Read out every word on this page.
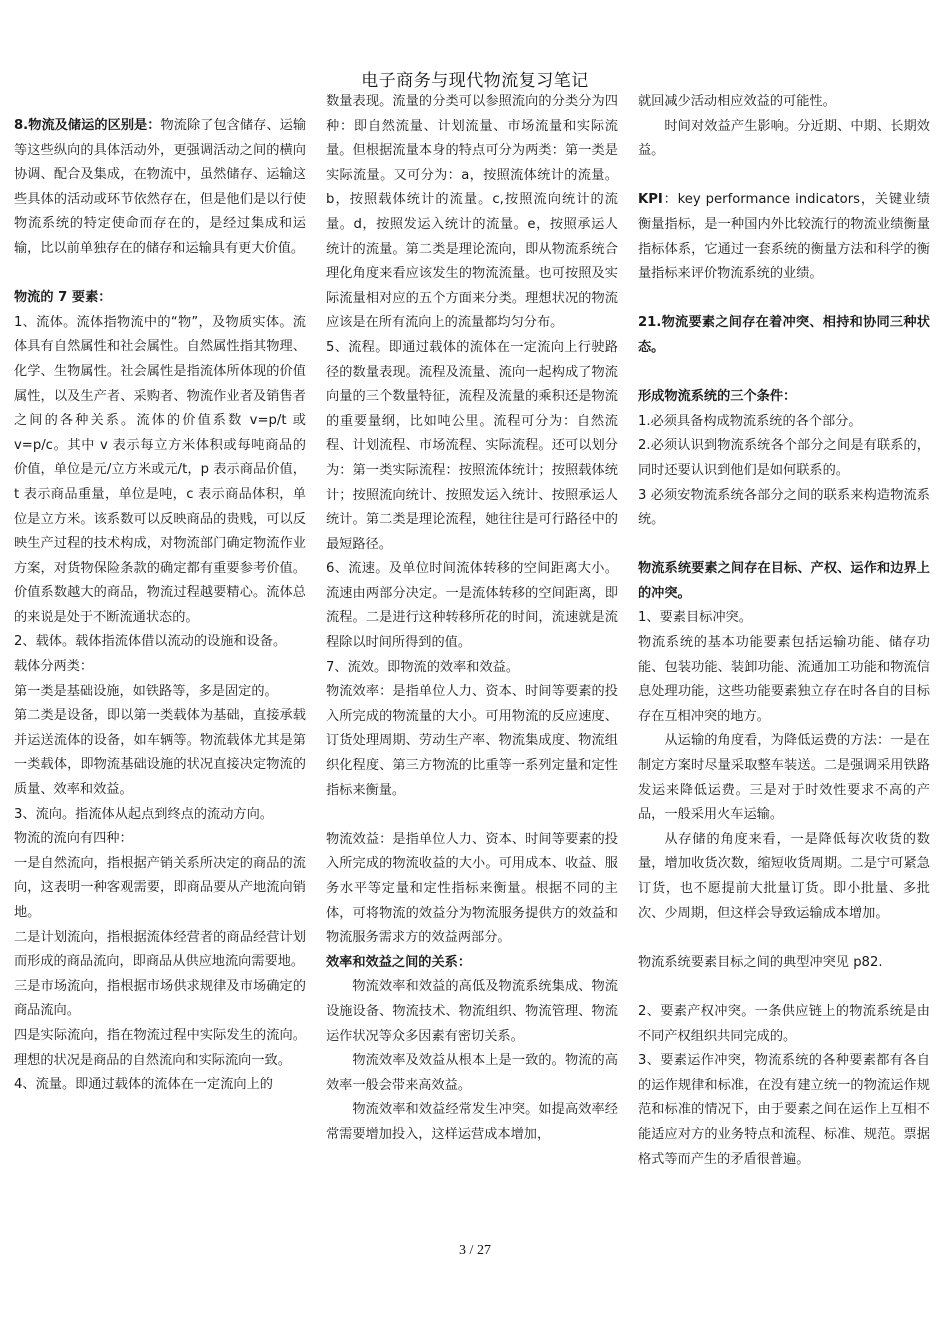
电子商务与现代物流复习笔记

8.物流及储运的区别是：物流除了包含储存、运输等这些纵向的具体活动外，更强调活动之间的横向协调、配合及集成，在物流中，虽然储存、运输这些具体的活动或环节依然存在，但是他们是以行使物流系统的特定使命而存在的，是经过集成和运输，比以前单独存在的储存和运输具有更大价值。

物流的 7 要素：

1、流体。流体指物流中的“物”，及物质实体。流体具有自然属性和社会属性。自然属性指其物理、化学、生物属性。社会属性是指流体所体现的价值属性，以及生产者、采购者、物流作业者及销售者之间的各种关系。流体的价值系数 v=p/t 或 v=p/c。其中 v 表示每立方米体积或每吨商品的价值，单位是元/立方米或元/t，p 表示商品价值，t 表示商品重量，单位是吨，c 表示商品体积，单位是立方米。该系数可以反映商品的贵贱，可以反映生产过程的技术构成，对物流部门确定物流作业方案，对货物保险条款的确定都有重要参考价值。价值系数越大的商品，物流过程越要精心。流体总的来说是处于不断流通状态的。

2、载体。载体指流体借以流动的设施和设备。

载体分两类：

第一类是基础设施，如铁路等，多是固定的。

第二类是设备，即以第一类载体为基础，直接承载并运送流体的设备，如车辆等。物流载体尤其是第一类载体，即物流基础设施的状况直接决定物流的质量、效率和效益。

3、流向。指流体从起点到终点的流动方向。

物流的流向有四种：

一是自然流向，指根据产销关系所决定的商品的流向，这表明一种客观需要，即商品要从产地流向销地。

二是计划流向，指根据流体经营者的商品经营计划而形成的商品流向，即商品从供应地流向需要地。

三是市场流向，指根据市场供求规律及市场确定的商品流向。

四是实际流向，指在物流过程中实际发生的流向。理想的状况是商品的自然流向和实际流向一致。

4、流量。即通过载体的流体在一定流向上的

数量表现。流量的分类可以参照流向的分类分为四种：即自然流量、计划流量、市场流量和实际流量。但根据流量本身的特点可分为两类：第一类是实际流量。又可分为：a，按照流体统计的流量。b，按照载体统计的流量。c,按照流向统计的流量。d，按照发运入统计的流量。e，按照承运人统计的流量。第二类是理论流向，即从物流系统合理化角度来看应该发生的物流流量。也可按照及实际流量相对应的五个方面来分类。理想状况的物流应该是在所有流向上的流量都均匀分布。

5、流程。即通过载体的流体在一定流向上行驶路径的数量表现。流程及流量、流向一起构成了物流向量的三个数量特征，流程及流量的乘积还是物流的重要量纲，比如吨公里。流程可分为：自然流程、计划流程、市场流程、实际流程。还可以划分为：第一类实际流程：按照流体统计；按照载体统计；按照流向统计、按照发运入统计、按照承运人统计。第二类是理论流程，她往往是可行路径中的最短路径。

6、流速。及单位时间流体转移的空间距离大小。流速由两部分决定。一是流体转移的空间距离，即流程。二是进行这种转移所花的时间，流速就是流程除以时间所得到的值。

7、流效。即物流的效率和效益。

物流效率：是指单位人力、资本、时间等要素的投入所完成的物流量的大小。可用物流的反应速度、订货处理周期、劳动生产率、物流集成度、物流组织化程度、第三方物流的比重等一系列定量和定性指标来衡量。

物流效益：是指单位人力、资本、时间等要素的投入所完成的物流收益的大小。可用成本、收益、服务水平等定量和定性指标来衡量。根据不同的主体，可将物流的效益分为物流服务提供方的效益和物流服务需求方的效益两部分。

效率和效益之间的关系：

物流效率和效益的高低及物流系统集成、物流设施设备、物流技术、物流组织、物流管理、物流运作状况等众多因素有密切关系。

物流效率及效益从根本上是一致的。物流的高效率一般会带来高效益。

物流效率和效益经常发生冲突。如提高效率经常需要增加投入，这样运营成本增加，

就回减少活动相应效益的可能性。

时间对效益产生影响。分近期、中期、长期效益。

KPI：key performance indicators，关键业绩衡量指标，是一种国内外比较流行的物流业绩衡量指标体系，它通过一套系统的衡量方法和科学的衡量指标来评价物流系统的业绩。

21.物流要素之间存在着冲突、相持和协同三种状态。

形成物流系统的三个条件：

1.必须具备构成物流系统的各个部分。

2.必须认识到物流系统各个部分之间是有联系的，同时还要认识到他们是如何联系的。

3 必须安物流系统各部分之间的联系来构造物流系统。

物流系统要素之间存在目标、产权、运作和边界上的冲突。

1、要素目标冲突。

物流系统的基本功能要素包括运输功能、储存功能、包装功能、装卸功能、流通加工功能和物流信息处理功能，这些功能要素独立存在时各自的目标存在互相冲突的地方。

从运输的角度看，为降低运费的方法：一是在制定方案时尽量采取整车装送。二是强调采用铁路发运来降低运费。三是对于时效性要求不高的产品，一般采用火车运输。

从存储的角度来看，一是降低每次收货的数量，增加收货次数，缩短收货周期。二是宁可紧急订货，也不愿提前大批量订货。即小批量、多批次、少周期，但这样会导致运输成本增加。

物流系统要素目标之间的典型冲突见 p82.

2、要素产权冲突。一条供应链上的物流系统是由不同产权组织共同完成的。

3、要素运作冲突，物流系统的各种要素都有各自的运作规律和标准，在没有建立统一的物流运作规范和标准的情况下，由于要素之间在运作上互相不能适应对方的业务特点和流程、标准、规范。票据格式等而产生的矛盾很普遍。

3 / 27
